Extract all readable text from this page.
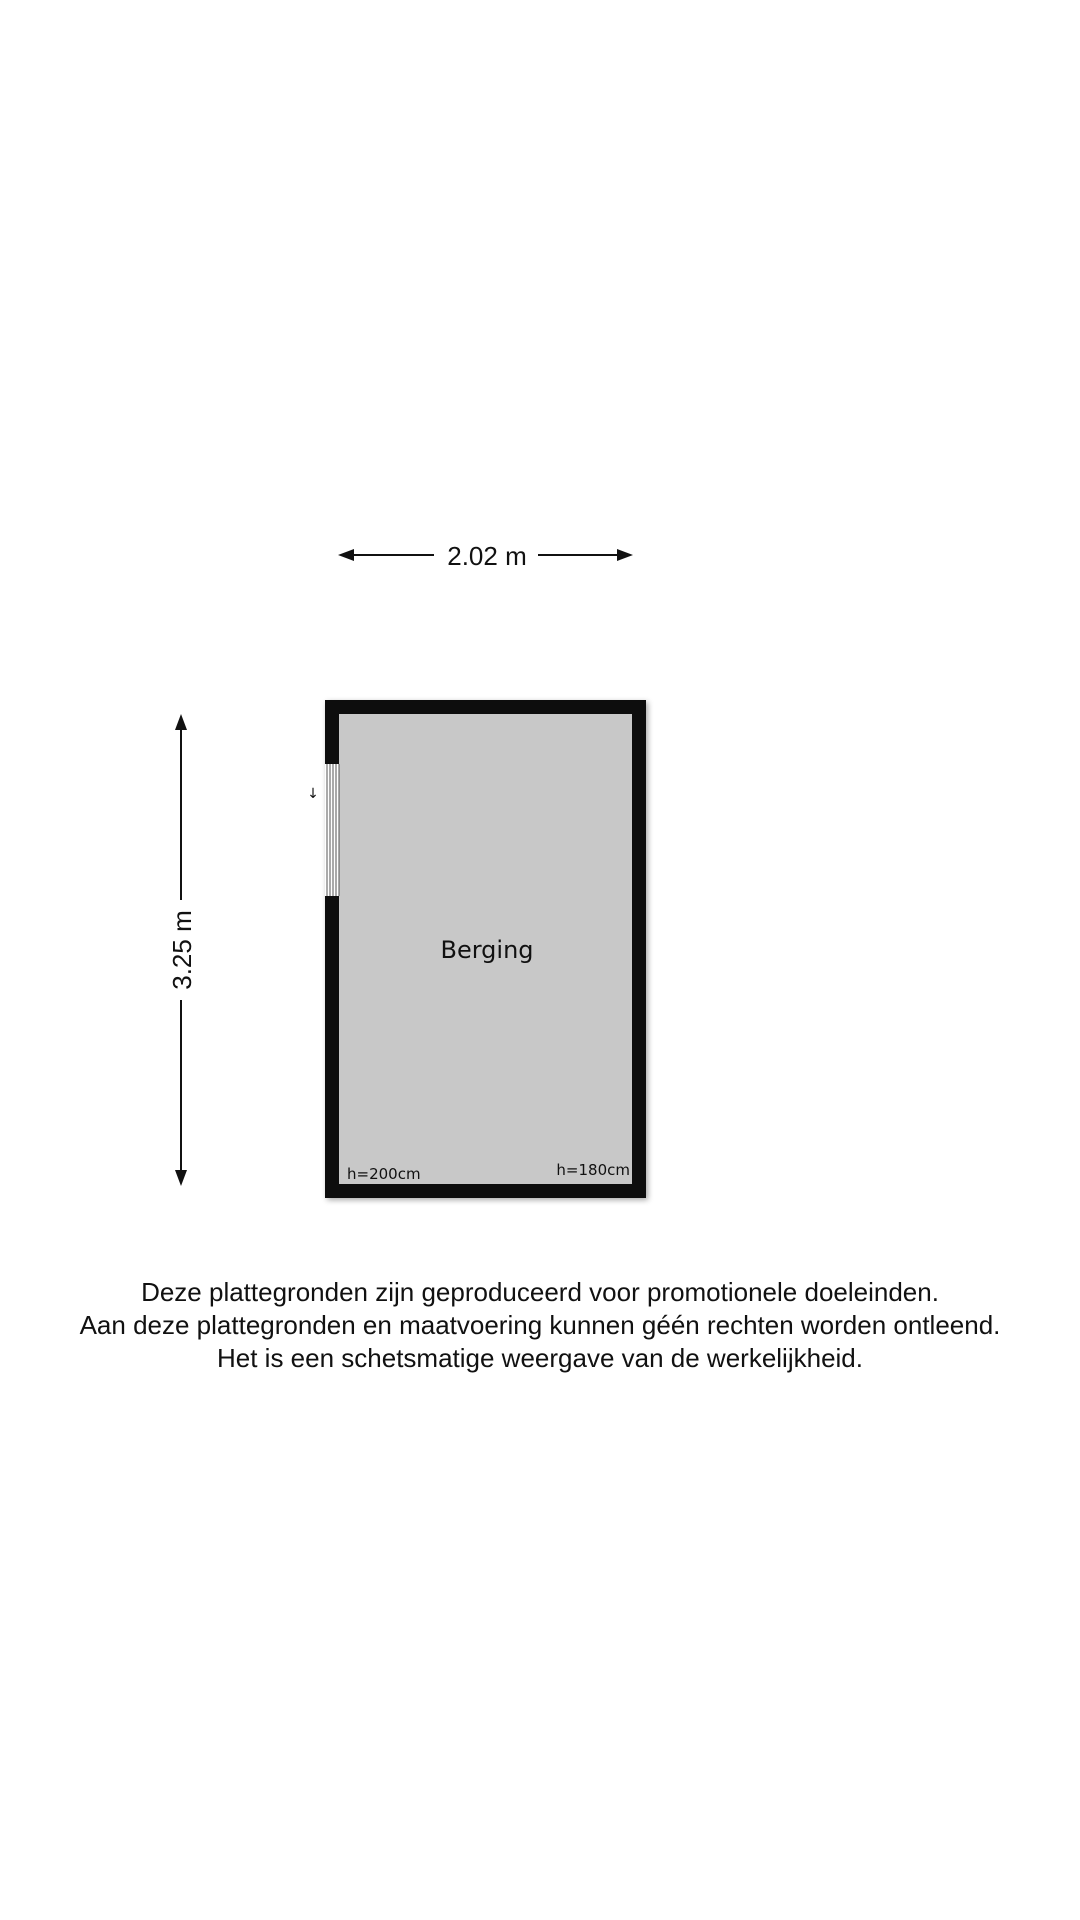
2.02 m
3.25 m
↓
Berging
h=200cm	h=180cm
Deze plattegronden zijn geproduceerd voor promotionele doeleinden.
Aan deze plattegronden en maatvoering kunnen géén rechten worden ontleend.
Het is een schetsmatige weergave van de werkelijkheid.
